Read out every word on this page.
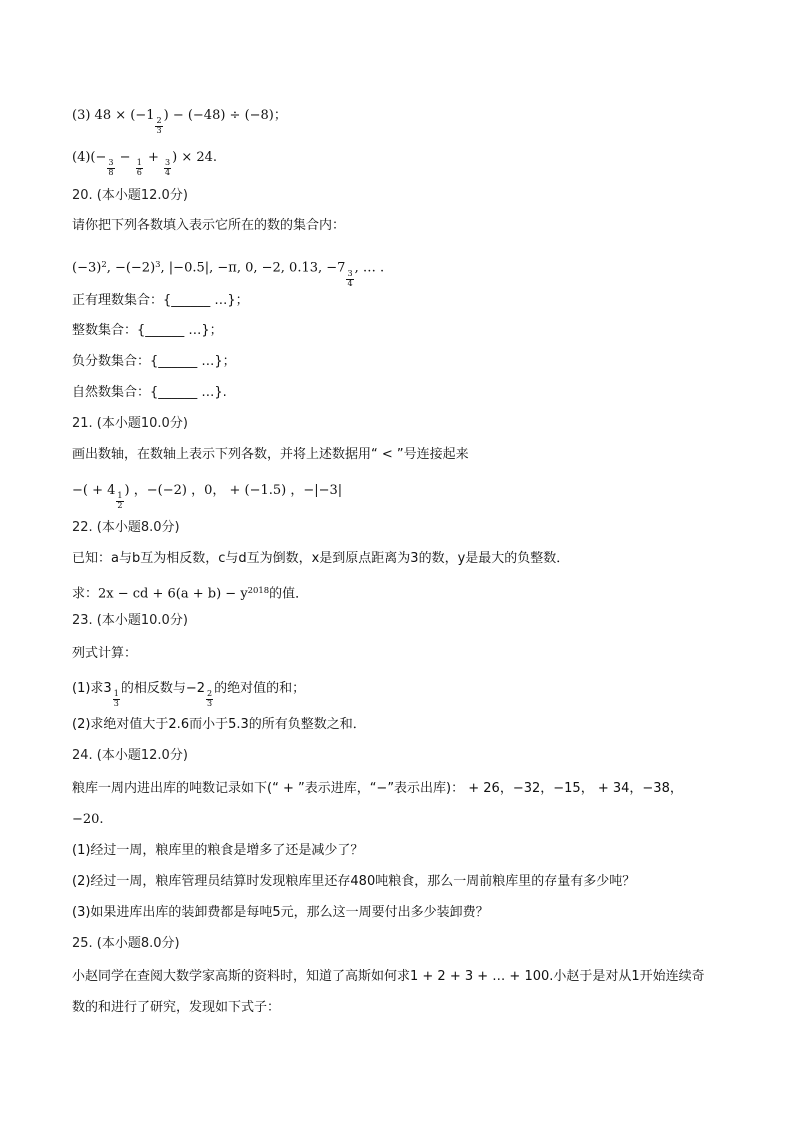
(3) 48 × (−1
$\frac{2}{3}$
) − (−48) ÷ (−8)；
(4)(−
$\frac{3}{8}$
−
$\frac{1}{6}$
+
$\frac{3}{4}$
) × 24.
20. (本小题12.0分)
请你把下列各数填入表示它所在的数的集合内：
$(-3)^2$, $-(-2)^3$, |−0.5|, −π, 0, −2, 0.13, −7
$\frac{3}{4}$
, … .
正有理数集合：{______ …}；
整数集合：{______ …}；
负分数集合：{______ …}；
自然数集合：{______ …}.
21. (本小题10.0分)
画出数轴，在数轴上表示下列各数，并将上述数据用“ < ”号连接起来
−( + 4
$\frac{1}{2}$
) ，−(−2) ，0， + (−1.5) ，−|−3|
22. (本小题8.0分)
已知：a与b互为相反数，c与d互为倒数，x是到原点距离为3的数，y是最大的负整数．
求：2x − cd + $6(a + b) - y^{2018}$的值．
23. (本小题10.0分)
列式计算：
(1)求3
$\frac{1}{3}$
的相反数与−2
$\frac{2}{3}$
的绝对值的和；
(2)求绝对值大于2.6而小于5.3的所有负整数之和．
24. (本小题12.0分)
粮库一周内进出库的吨数记录如下(“ + ”表示进库，“−”表示出库)： + 26，−32，−15， + 34，−38，
−20.
(1)经过一周，粮库里的粮食是增多了还是减少了？
(2)经过一周，粮库管理员结算时发现粮库里还存480吨粮食，那么一周前粮库里的存量有多少吨？
(3)如果进库出库的装卸费都是每吨5元，那么这一周要付出多少装卸费？
25. (本小题8.0分)
小赵同学在查阅大数学家高斯的资料时，知道了高斯如何求1 + 2 + 3 + … + 100.小赵于是对从1开始连续奇
数的和进行了研究，发现如下式子：
